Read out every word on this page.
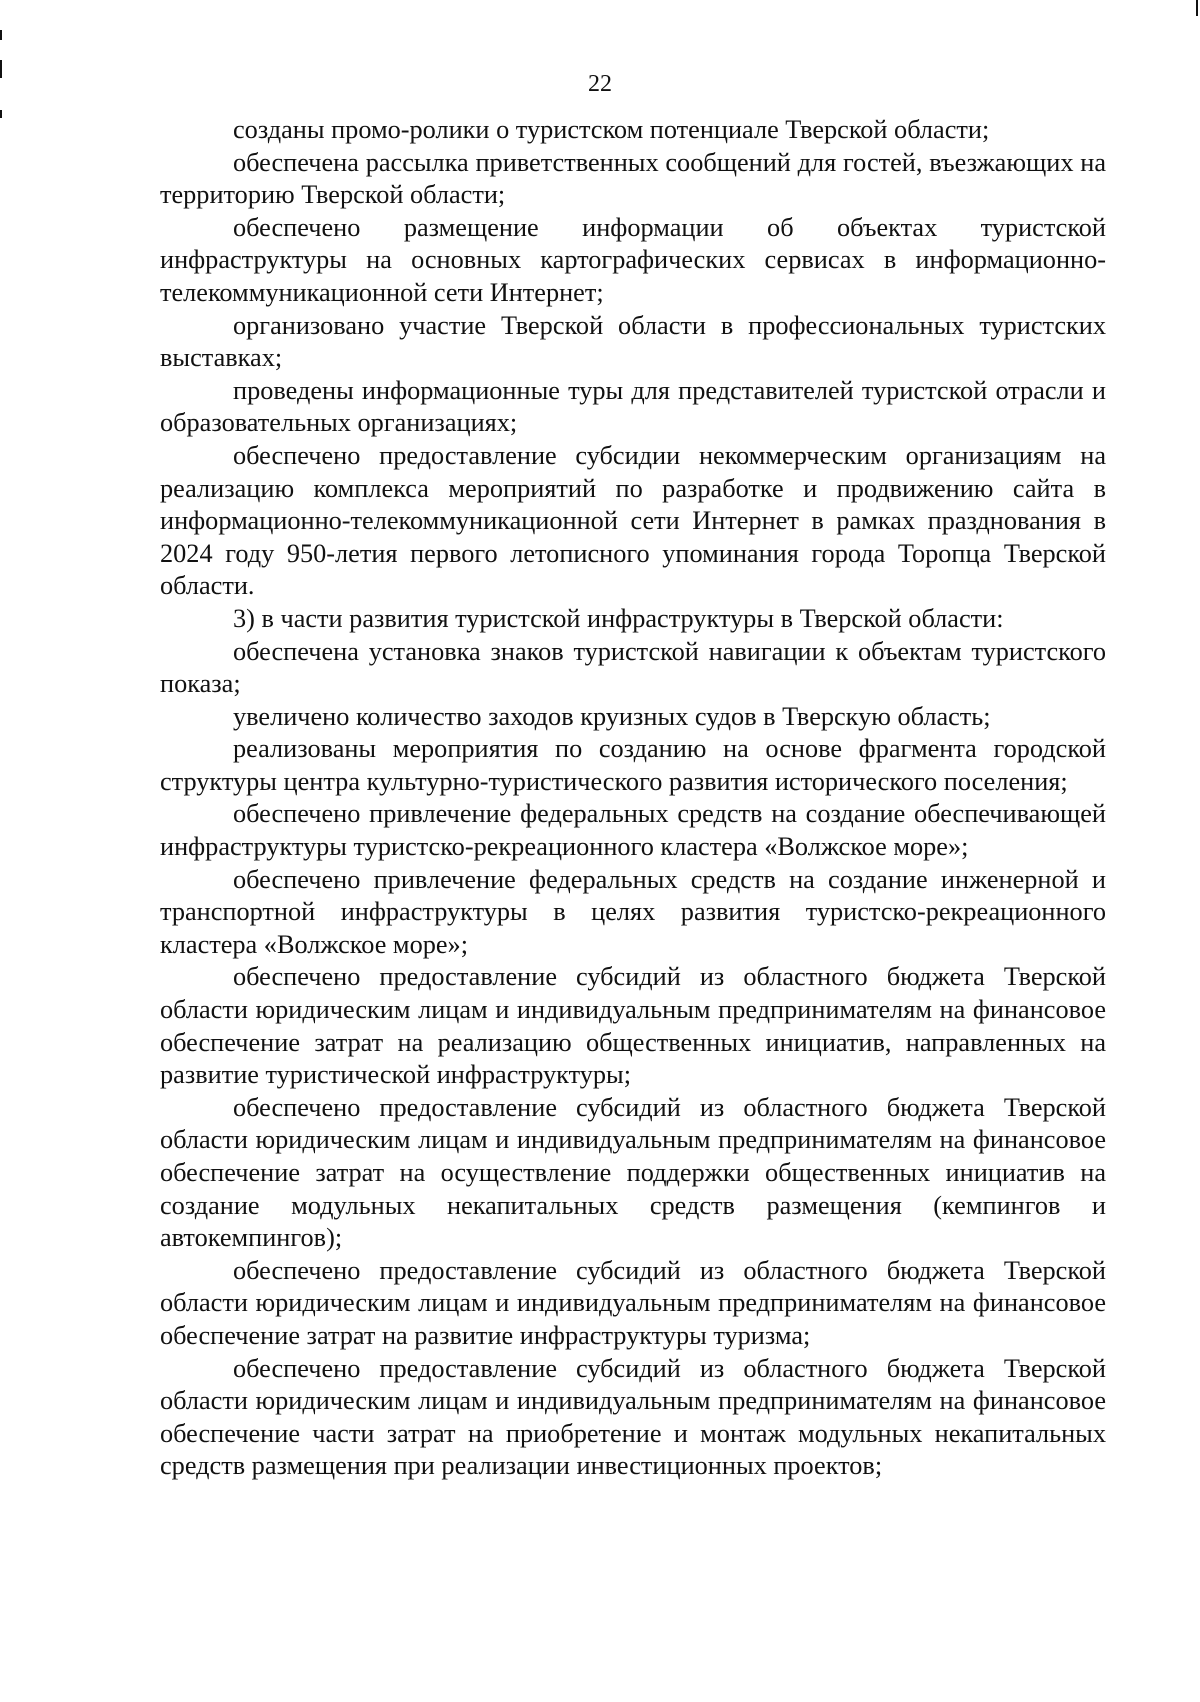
22

созданы промо-ролики о туристском потенциале Тверской области;

обеспечена рассылка приветственных сообщений для гостей, въезжающих на территорию Тверской области;

обеспечено размещение информации об объектах туристской инфраструктуры на основных картографических сервисах в информационно-телекоммуникационной сети Интернет;

организовано участие Тверской области в профессиональных туристских выставках;

проведены информационные туры для представителей туристской отрасли и образовательных организациях;

обеспечено предоставление субсидии некоммерческим организациям на реализацию комплекса мероприятий по разработке и продвижению сайта в информационно-телекоммуникационной сети Интернет в рамках празднования в 2024 году 950-летия первого летописного упоминания города Торопца Тверской области.

3) в части развития туристской инфраструктуры в Тверской области:

обеспечена установка знаков туристской навигации к объектам туристского показа;

увеличено количество заходов круизных судов в Тверскую область;

реализованы мероприятия по созданию на основе фрагмента городской структуры центра культурно-туристического развития исторического поселения;

обеспечено привлечение федеральных средств на создание обеспечивающей инфраструктуры туристско-рекреационного кластера «Волжское море»;

обеспечено привлечение федеральных средств на создание инженерной и транспортной инфраструктуры в целях развития туристско-рекреационного кластера «Волжское море»;

обеспечено предоставление субсидий из областного бюджета Тверской области юридическим лицам и индивидуальным предпринимателям на финансовое обеспечение затрат на реализацию общественных инициатив, направленных на развитие туристической инфраструктуры;

обеспечено предоставление субсидий из областного бюджета Тверской области юридическим лицам и индивидуальным предпринимателям на финансовое обеспечение затрат на осуществление поддержки общественных инициатив на создание модульных некапитальных средств размещения (кемпингов и автокемпингов);

обеспечено предоставление субсидий из областного бюджета Тверской области юридическим лицам и индивидуальным предпринимателям на финансовое обеспечение затрат на развитие инфраструктуры туризма;

обеспечено предоставление субсидий из областного бюджета Тверской области юридическим лицам и индивидуальным предпринимателям на финансовое обеспечение части затрат на приобретение и монтаж модульных некапитальных средств размещения при реализации инвестиционных проектов;
